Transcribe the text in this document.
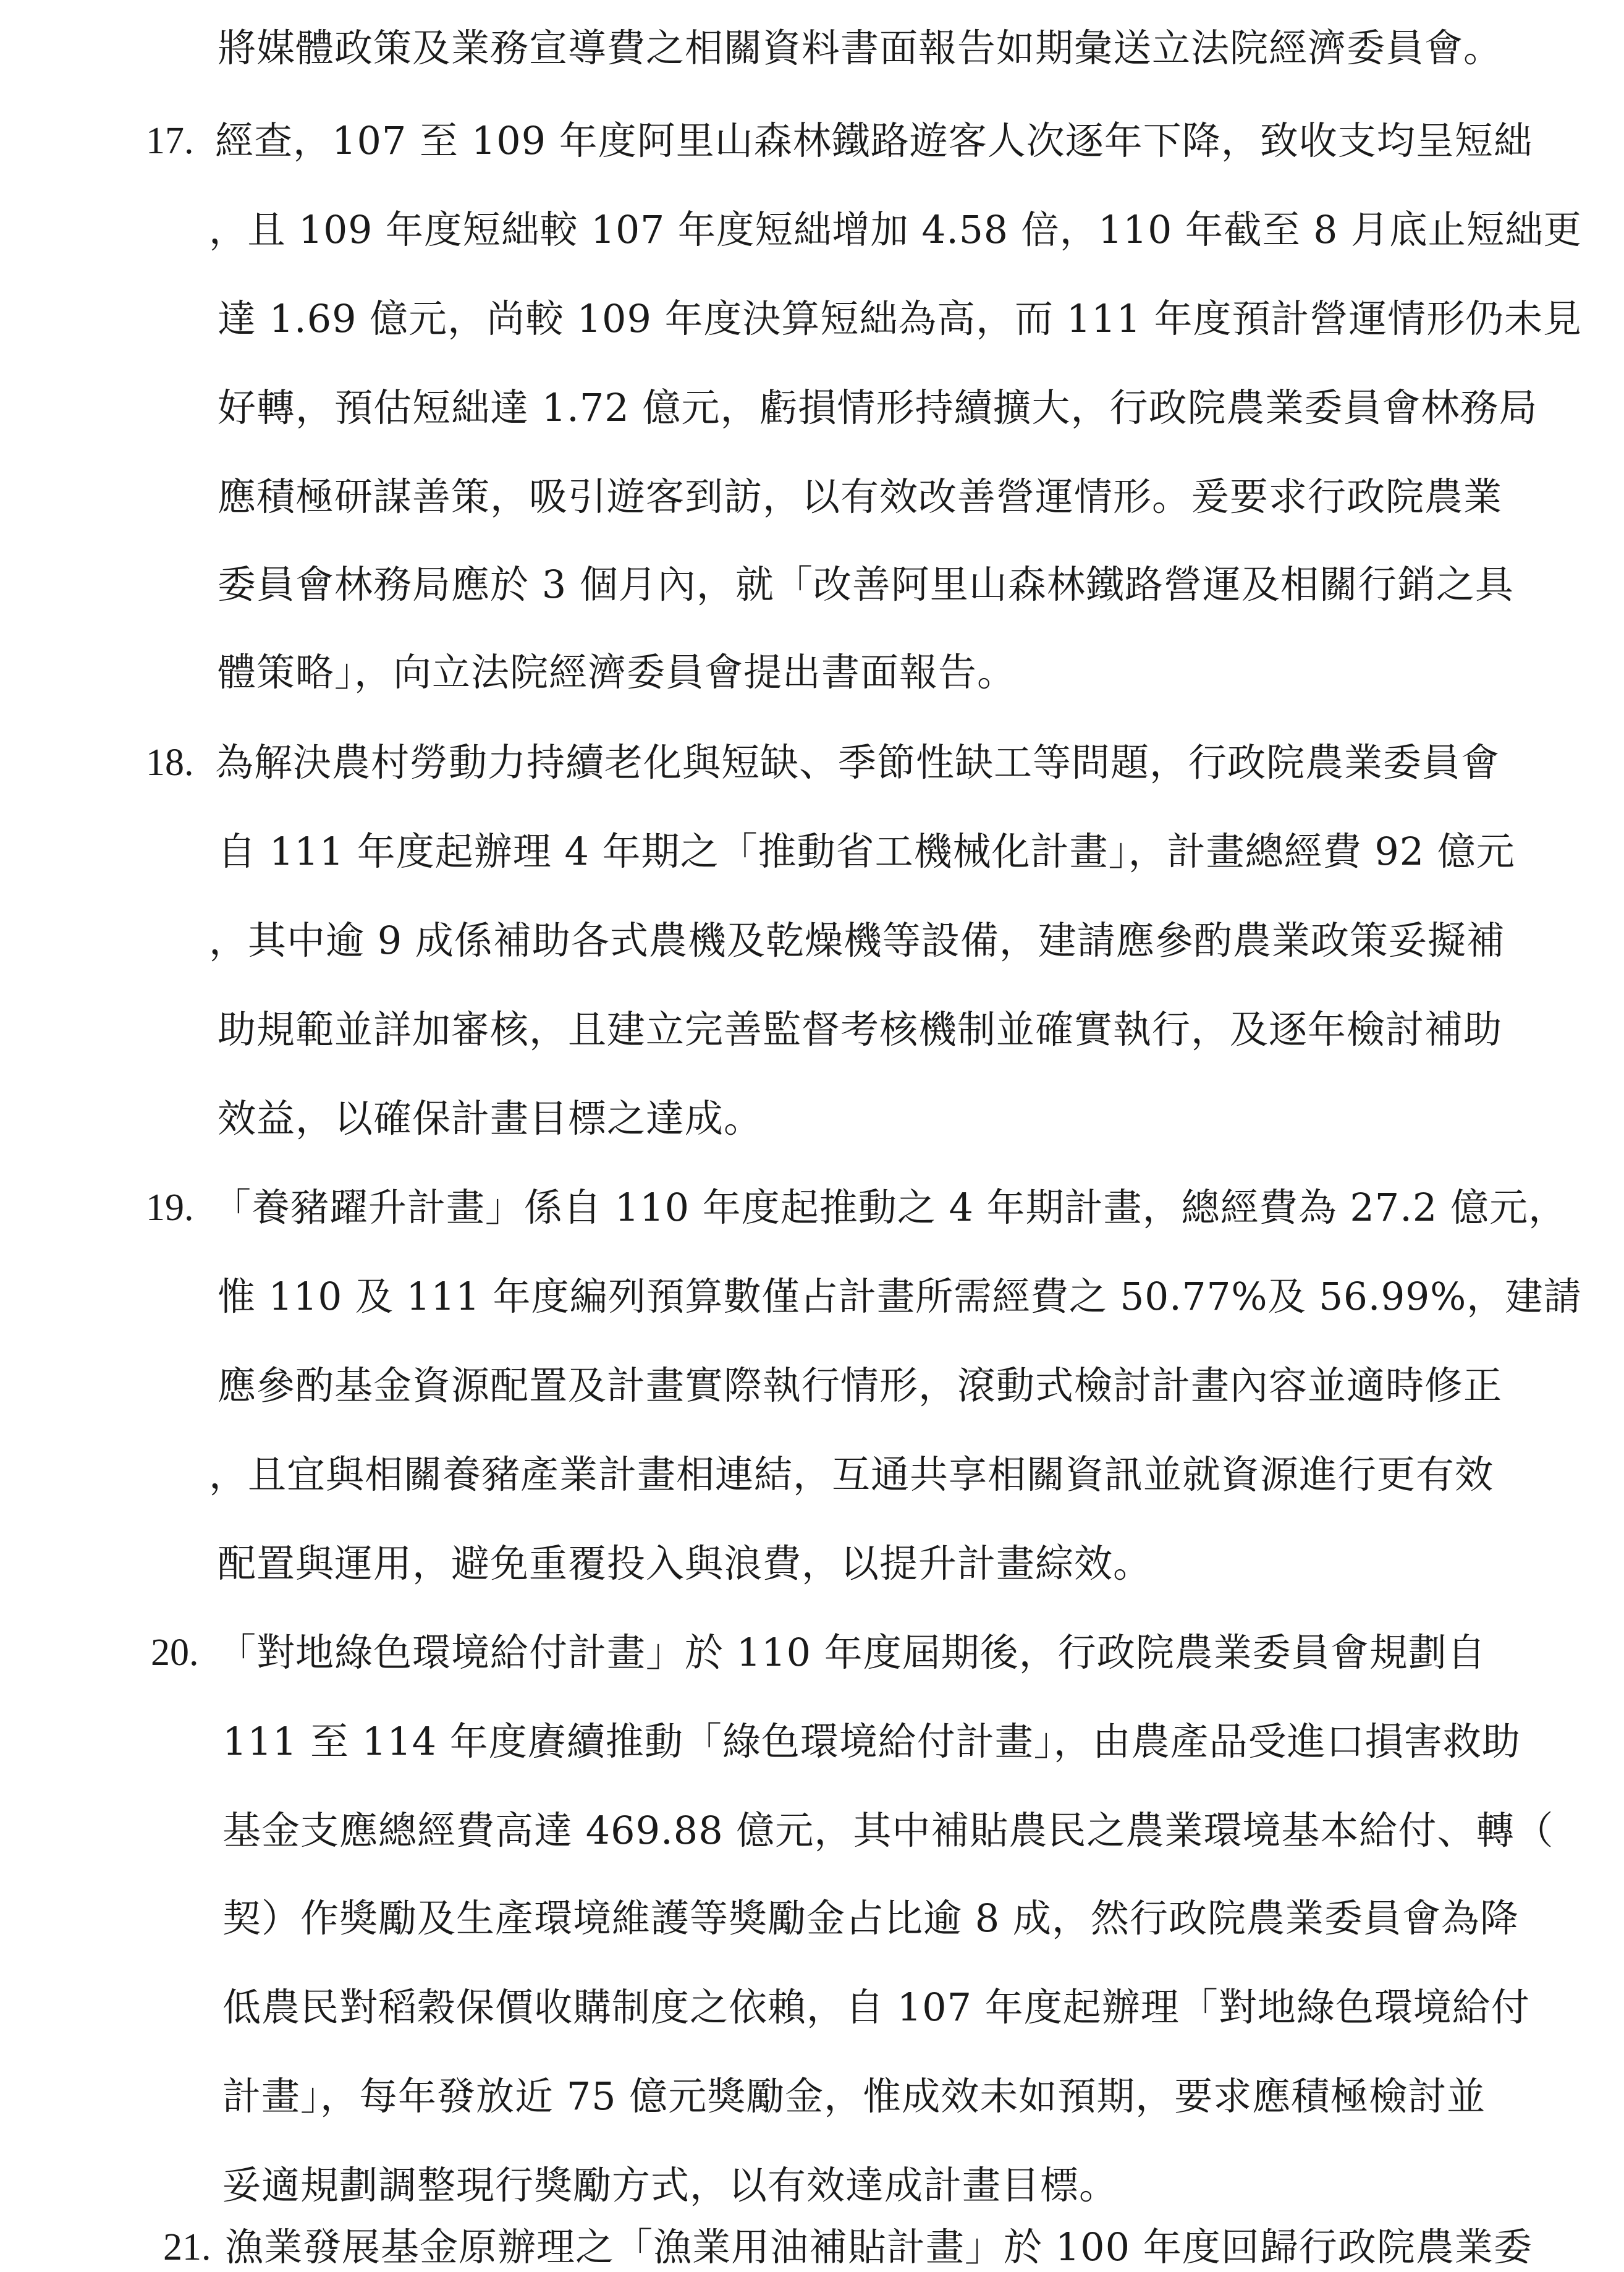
將媒體政策及業務宣導費之相關資料書面報告如期彙送立法院經濟委員會。
17. 經查，107 至 109 年度阿里山森林鐵路遊客人次逐年下降，致收支均呈短絀
，且 109 年度短絀較 107 年度短絀增加 4.58 倍，110 年截至 8 月底止短絀更
達 1.69 億元，尚較 109 年度決算短絀為高，而 111 年度預計營運情形仍未見
好轉，預估短絀達 1.72 億元，虧損情形持續擴大，行政院農業委員會林務局
應積極研謀善策，吸引遊客到訪，以有效改善營運情形。爰要求行政院農業
委員會林務局應於 3 個月內，就「改善阿里山森林鐵路營運及相關行銷之具
體策略」，向立法院經濟委員會提出書面報告。
18. 為解決農村勞動力持續老化與短缺、季節性缺工等問題，行政院農業委員會
自 111 年度起辦理 4 年期之「推動省工機械化計畫」，計畫總經費 92 億元
，其中逾 9 成係補助各式農機及乾燥機等設備，建請應參酌農業政策妥擬補
助規範並詳加審核，且建立完善監督考核機制並確實執行，及逐年檢討補助
效益，以確保計畫目標之達成。
19. 「養豬躍升計畫」係自 110 年度起推動之 4 年期計畫，總經費為 27.2 億元，
惟 110 及 111 年度編列預算數僅占計畫所需經費之 50.77%及 56.99%，建請
應參酌基金資源配置及計畫實際執行情形，滾動式檢討計畫內容並適時修正
，且宜與相關養豬產業計畫相連結，互通共享相關資訊並就資源進行更有效
配置與運用，避免重覆投入與浪費，以提升計畫綜效。
20. 「對地綠色環境給付計畫」於 110 年度屆期後，行政院農業委員會規劃自
111 至 114 年度賡續推動「綠色環境給付計畫」，由農產品受進口損害救助
基金支應總經費高達 469.88 億元，其中補貼農民之農業環境基本給付、轉（
契）作獎勵及生產環境維護等獎勵金占比逾 8 成，然行政院農業委員會為降
低農民對稻穀保價收購制度之依賴，自 107 年度起辦理「對地綠色環境給付
計畫」，每年發放近 75 億元獎勵金，惟成效未如預期，要求應積極檢討並
妥適規劃調整現行獎勵方式，以有效達成計畫目標。
21. 漁業發展基金原辦理之「漁業用油補貼計畫」於 100 年度回歸行政院農業委
